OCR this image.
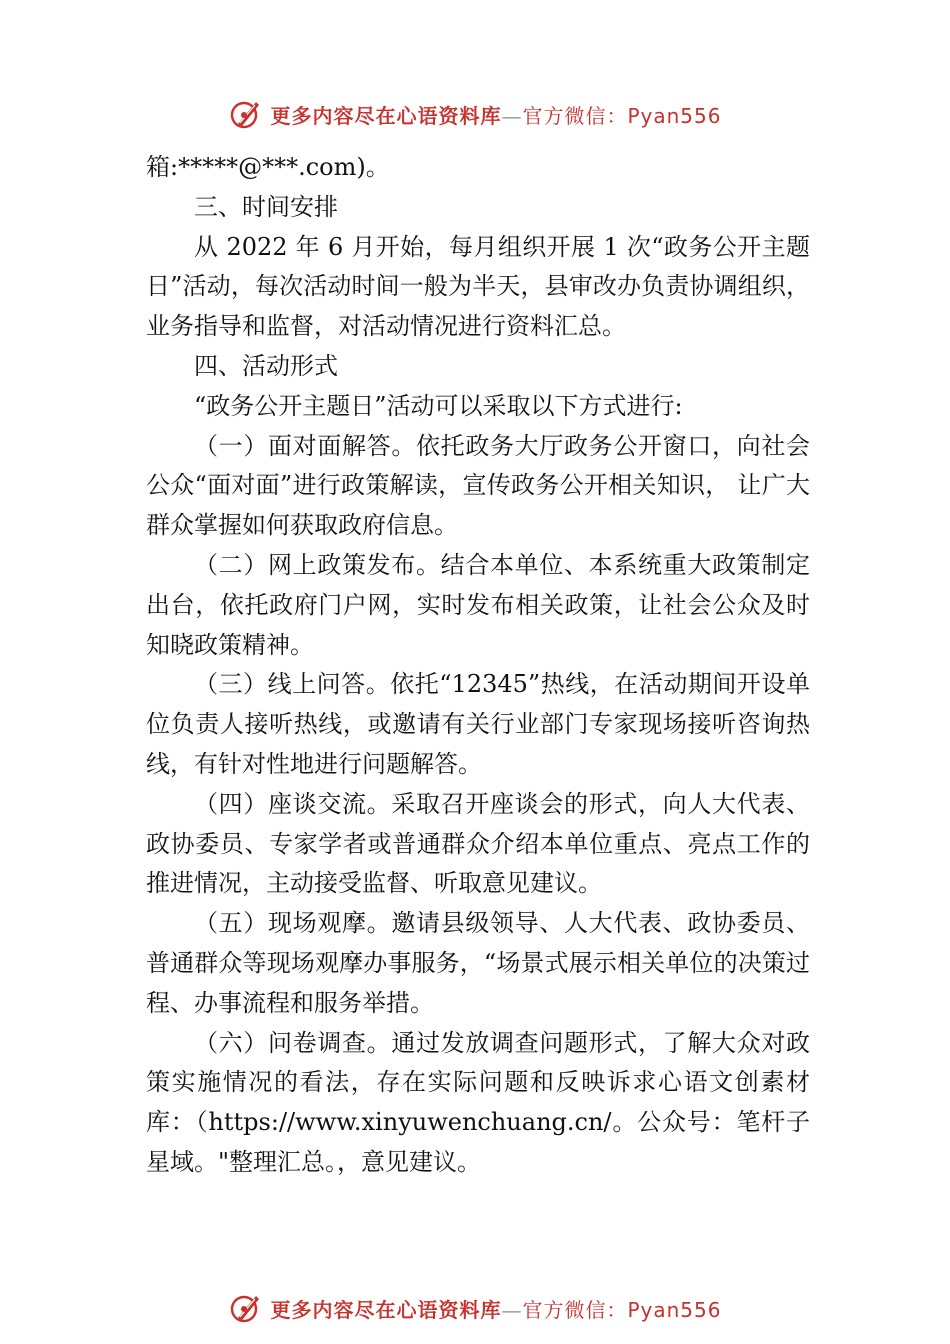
更多内容尽在心语资料库—官方微信：Pyan556

箱:*****@***.com)。

三、时间安排

从 2022 年 6 月开始，每月组织开展 1 次“政务公开主题日”活动，每次活动时间一般为半天，县审改办负责协调组织，业务指导和监督，对活动情况进行资料汇总。

四、活动形式

“政务公开主题日”活动可以采取以下方式进行:

（一）面对面解答。依托政务大厅政务公开窗口，向社会公众“面对面”进行政策解读，宣传政务公开相关知识， 让广大群众掌握如何获取政府信息。

（二）网上政策发布。结合本单位、本系统重大政策制定出台，依托政府门户网，实时发布相关政策，让社会公众及时知晓政策精神。

（三）线上问答。依托“12345”热线，在活动期间开设单位负责人接听热线，或邀请有关行业部门专家现场接听咨询热线，有针对性地进行问题解答。

（四）座谈交流。采取召开座谈会的形式，向人大代表、政协委员、专家学者或普通群众介绍本单位重点、亮点工作的推进情况，主动接受监督、听取意见建议。

（五）现场观摩。邀请县级领导、人大代表、政协委员、普通群众等现场观摩办事服务，“场景式展示相关单位的决策过程、办事流程和服务举措。

（六）问卷调查。通过发放调查问题形式，了解大众对政策实施情况的看法，存在实际问题和反映诉求心语文创素材库：（https://www.xinyuwenchuang.cn/。公众号：笔杆子星域。"整理汇总。，意见建议。

更多内容尽在心语资料库—官方微信：Pyan556
